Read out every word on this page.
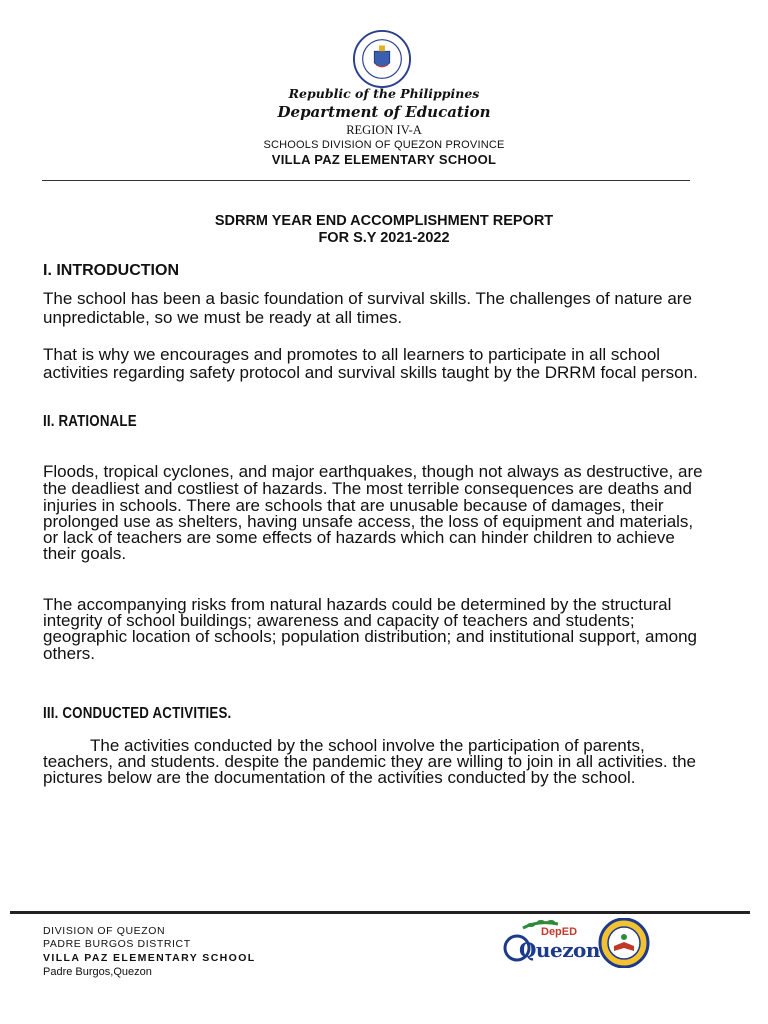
Republic of the Philippines
Department of Education
REGION IV-A
SCHOOLS DIVISION OF QUEZON PROVINCE
VILLA PAZ ELEMENTARY SCHOOL
SDRRM YEAR END ACCOMPLISHMENT REPORT
FOR S.Y 2021-2022
I. INTRODUCTION
The school has been a basic foundation of survival skills. The challenges of nature are
unpredictable, so we must be ready at all times.
That is why we encourages and promotes to all learners to participate in all school
activities regarding safety protocol and survival skills taught by the DRRM focal person.
II. RATIONALE
Floods, tropical cyclones, and major earthquakes, though not always as destructive, are
the deadliest and costliest of hazards. The most terrible consequences are deaths and
injuries in schools. There are schools that are unusable because of damages, their
prolonged use as shelters, having unsafe access, the loss of equipment and materials,
or lack of teachers are some effects of hazards which can hinder children to achieve
their goals.
The accompanying risks from natural hazards could be determined by the structural
integrity of school buildings; awareness and capacity of teachers and students;
geographic location of schools; population distribution; and institutional support, among
others.
III. CONDUCTED ACTIVITIES.
The activities conducted by the school involve the participation of parents,
teachers, and students. despite the pandemic they are willing to join in all activities. the
pictures below are the documentation of the activities conducted by the school.
DIVISION OF QUEZON
PADRE BURGOS DISTRICT
VILLA PAZ ELEMENTARY SCHOOL
Padre Burgos,Quezon
DepED
Quezon
